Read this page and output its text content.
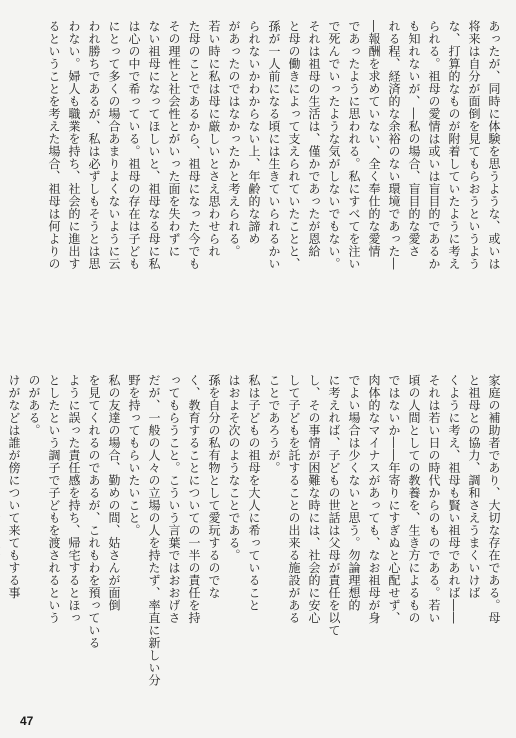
あったが、同時に体験を思うような、或いは

将来は自分が面倒を見てもらおうというよう

な、打算的なものが附着していたように考え

られる。祖母の愛情は或いは盲目的であるか

も知れないが、―私の場合、盲目的な愛さ

れる程、経済的な余裕のない環境であった―

―報酬を求めていない、全く奉仕的な愛情

であったように思われる。私にすべてを注い

で死んでいったような気がしないでもない。

それは祖母の生活は、僅かであったが恩給

と母の働きによって支えられていたことと、

孫が一人前になる頃には生きていられるかい

られないかわからない上、年齢的な諦め

があったのではなかったかと考えられる。

若い時に私は母に厳しいとさえ思わせられ

た母のことであるから、祖母になった今でも

その理性と社会性とがいった面を失わずに

ない祖母になってほしいと、祖母なる母に私

は心の中で希っている。祖母の存在は子ども

にとって多くの場合あまりよくないように云

われ勝ちであるが、私は必ずしもそうとは思

わない。婦人も職業を持ち、社会的に進出す

るということを考えた場合、祖母は何よりの

家庭の補助者であり、大切な存在である。母

と祖母との協力、調和さえうまくいけば

くように考え、祖母も賢い祖母であれば――

それは若い日の時代からのものである。若い

頃の人間としての教養を、生き方によるもの

ではないか――年寄りにすぎぬと心配せず、

肉体的なマイナスがあっても、なお祖母が身

でよい場合は少くないと思う。勿論理想的

に考えれば、子どもの世話は父母が責任を以て

し、その事情が困難な時には、社会的に安心

して子どもを託することの出来る施設がある

ことであろうが。

私は子どもの祖母を大人に希っていること

はおよそ次のようなことである。

孫を自分の私有物として愛玩するのでな

く、教育することについての一半の責任を持

ってもらうこと。こういう言葉ではおおげさ

だが、一般の人々の立場の人を持たず、率直に新しい分

野を持ってもらいたいこと。

私の友達の場合、勤めの間、姑さんが面倒

を見てくれるのであるが、これもわを預っている

ように誤った責任感を持ち、帰宅するとほっ

としたという調子で子どもを渡されるという

のがある。

けがなどは誰が傍について来てもする事

47
